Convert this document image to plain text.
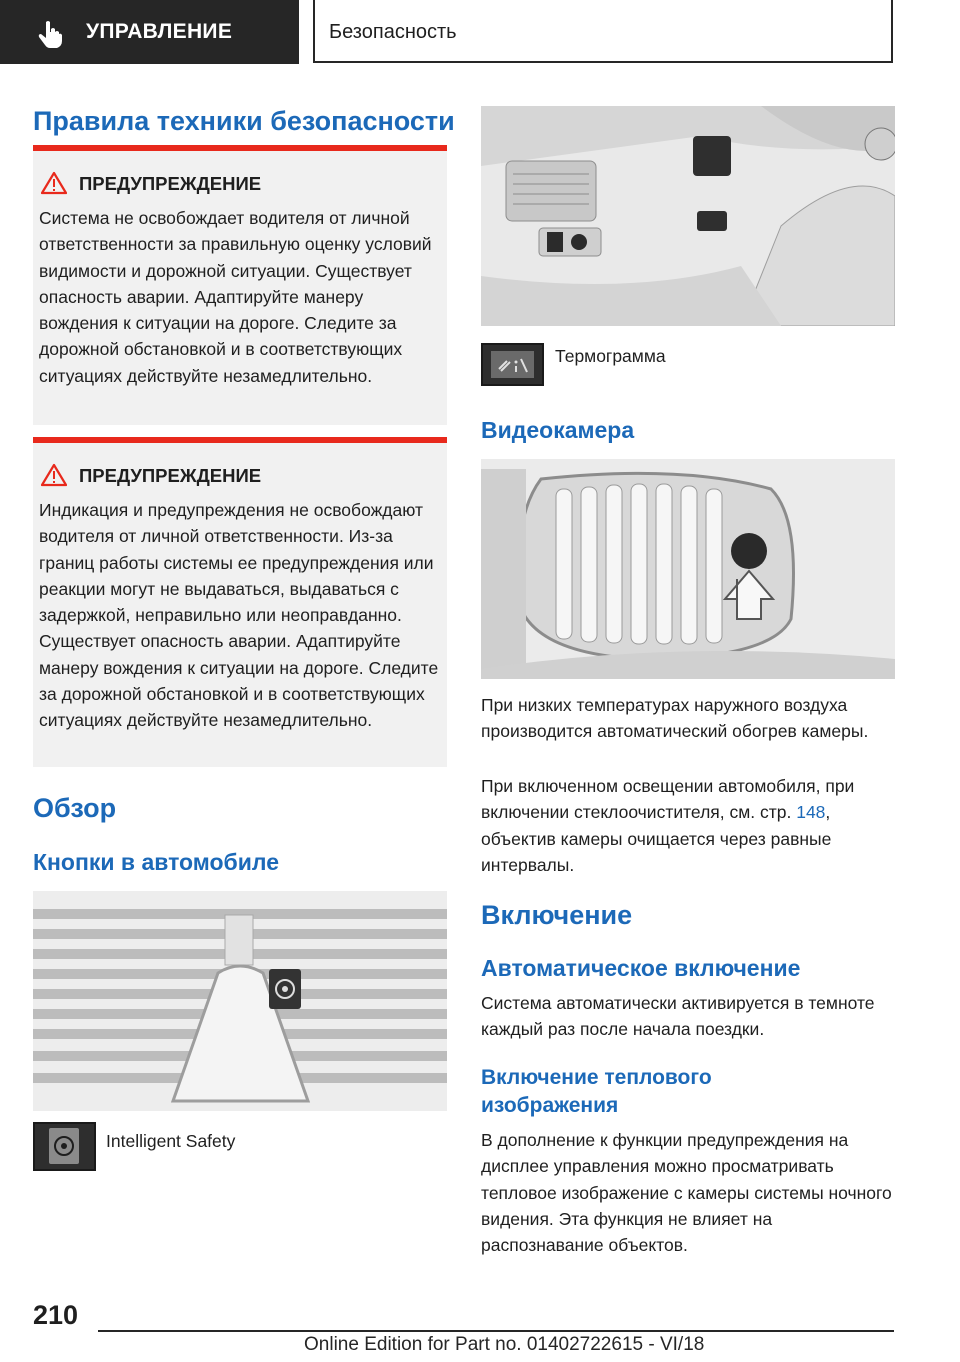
УПРАВЛЕНИЕ	Безопасность
Правила техники безопасности
ПРЕДУПРЕЖДЕНИЕ
Система не освобождает водителя от личной ответственности за правильную оценку условий видимости и дорожной ситуации. Существует опасность аварии. Адаптируйте манеру вождения к ситуации на дороге. Следите за дорожной обстановкой и в соответствующих ситуациях действуйте незамедлительно.
ПРЕДУПРЕЖДЕНИЕ
Индикация и предупреждения не освобождают водителя от личной ответственности. Из-за границ работы системы ее предупреждения или реакции могут не выдаваться, выдаваться с задержкой, неправильно или неоправданно. Существует опасность аварии. Адаптируйте манеру вождения к ситуации на дороге. Следите за дорожной обстановкой и в соответствующих ситуациях действуйте незамедлительно.
Обзор
Кнопки в автомобиле
Intelligent Safety
Термограмма
Видеокамера
При низких температурах наружного воздуха производится автоматический обогрев камеры.
При включенном освещении автомобиля, при включении стеклоочистителя, см. стр. 148, объектив камеры очищается через равные интервалы.
Включение
Автоматическое включение
Система автоматически активируется в темноте каждый раз после начала поездки.
Включение теплового изображения
В дополнение к функции предупреждения на дисплее управления можно просматривать тепловое изображение с камеры системы ночного видения. Эта функция не влияет на распознавание объектов.
210
Online Edition for Part no. 01402722615 - VI/18
